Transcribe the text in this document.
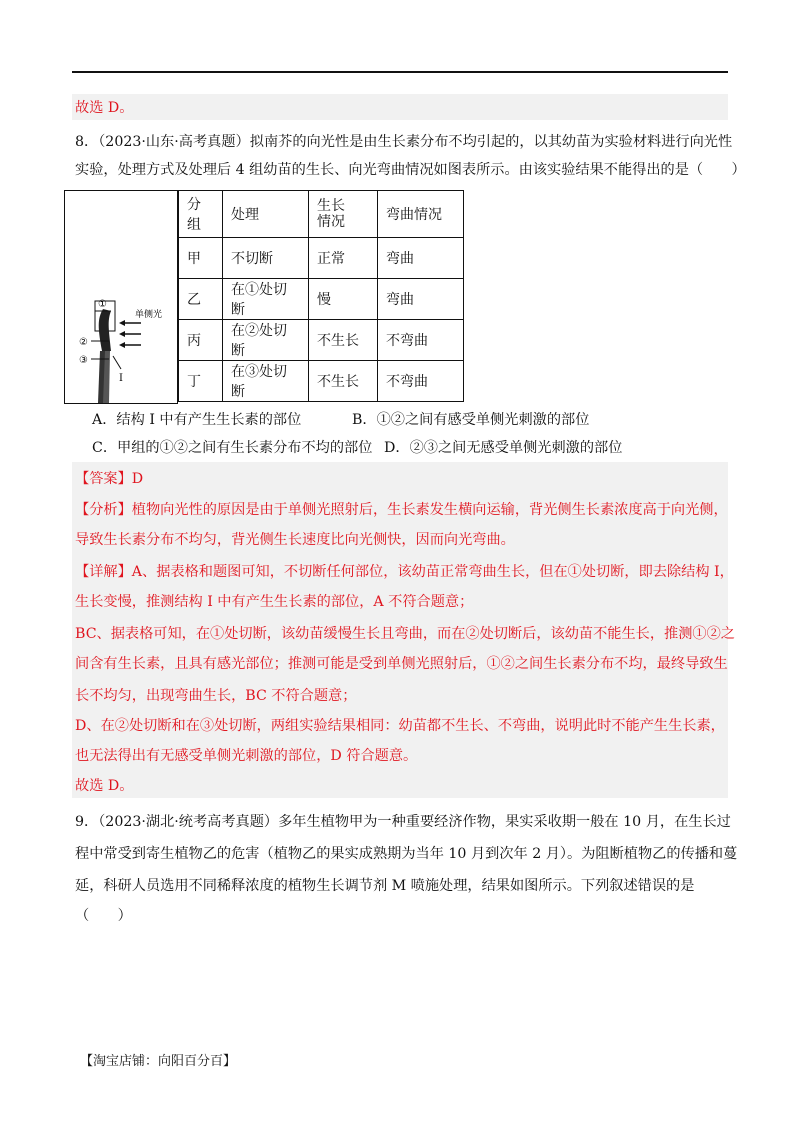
故选 D。
8．（2023·山东·高考真题）拟南芥的向光性是由生长素分布不均引起的，以其幼苗为实验材料进行向光性
实验，处理方式及处理后 4 组幼苗的生长、向光弯曲情况如图表所示。由该实验结果不能得出的是（　　）
单侧光
①
②
③
I
分组	处理	生长情况	弯曲情况
甲	不切断	正常	弯曲
乙	在①处切断	慢	弯曲
丙	在②处切断	不生长	不弯曲
丁	在③处切断	不生长	不弯曲
A．结构 I 中有产生生长素的部位	B．①②之间有感受单侧光刺激的部位
C．甲组的①②之间有生长素分布不均的部位 D．②③之间无感受单侧光刺激的部位
【答案】D
【分析】植物向光性的原因是由于单侧光照射后，生长素发生横向运输，背光侧生长素浓度高于向光侧，
导致生长素分布不均匀，背光侧生长速度比向光侧快，因而向光弯曲。
【详解】A、据表格和题图可知，不切断任何部位，该幼苗正常弯曲生长，但在①处切断，即去除结构 I，
生长变慢，推测结构 I 中有产生生长素的部位，A 不符合题意；
BC、据表格可知，在①处切断，该幼苗缓慢生长且弯曲，而在②处切断后，该幼苗不能生长，推测①②之
间含有生长素，且具有感光部位；推测可能是受到单侧光照射后，①②之间生长素分布不均，最终导致生
长不均匀，出现弯曲生长，BC 不符合题意；
D、在②处切断和在③处切断，两组实验结果相同：幼苗都不生长、不弯曲，说明此时不能产生生长素，
也无法得出有无感受单侧光刺激的部位，D 符合题意。
故选 D。
9．（2023·湖北·统考高考真题）多年生植物甲为一种重要经济作物，果实采收期一般在 10 月，在生长过
程中常受到寄生植物乙的危害（植物乙的果实成熟期为当年 10 月到次年 2 月）。为阻断植物乙的传播和蔓
延，科研人员选用不同稀释浓度的植物生长调节剂 M 喷施处理，结果如图所示。下列叙述错误的是
（　　）
【淘宝店铺：向阳百分百】
